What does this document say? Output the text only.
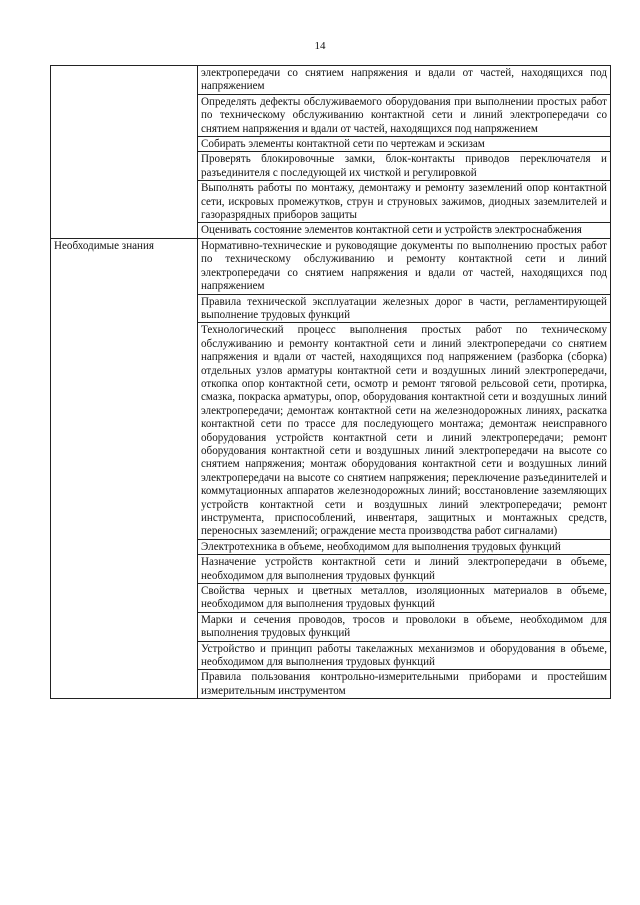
14
	электропередачи со снятием напряжения и вдали от частей, находящихся под напряжением
	Определять дефекты обслуживаемого оборудования при выполнении простых работ по техническому обслуживанию контактной сети и линий электропередачи со снятием напряжения и вдали от частей, находящихся под напряжением
	Собирать элементы контактной сети по чертежам и эскизам
	Проверять блокировочные замки, блок-контакты приводов переключателя и разъединителя с последующей их чисткой и регулировкой
	Выполнять работы по монтажу, демонтажу и ремонту заземлений опор контактной сети, искровых промежутков, струн и струновых зажимов, диодных заземлителей и газоразрядных приборов защиты
	Оценивать состояние элементов контактной сети и устройств электроснабжения
Необходимые знания	Нормативно-технические и руководящие документы по выполнению простых работ по техническому обслуживанию и ремонту контактной сети и линий электропередачи со снятием напряжения и вдали от частей, находящихся под напряжением
	Правила технической эксплуатации железных дорог в части, регламентирующей выполнение трудовых функций
	Технологический процесс выполнения простых работ по техническому обслуживанию и ремонту контактной сети и линий электропередачи со снятием напряжения и вдали от частей, находящихся под напряжением (разборка (сборка) отдельных узлов арматуры контактной сети и воздушных линий электропередачи, откопка опор контактной сети, осмотр и ремонт тяговой рельсовой сети, протирка, смазка, покраска арматуры, опор, оборудования контактной сети и воздушных линий электропередачи; демонтаж контактной сети на железнодорожных линиях, раскатка контактной сети по трассе для последующего монтажа; демонтаж неисправного оборудования устройств контактной сети и линий электропередачи; ремонт оборудования контактной сети и воздушных линий электропередачи на высоте со снятием напряжения; монтаж оборудования контактной сети и воздушных линий электропередачи на высоте со снятием напряжения; переключение разъединителей и коммутационных аппаратов железнодорожных линий; восстановление заземляющих устройств контактной сети и воздушных линий электропередачи; ремонт инструмента, приспособлений, инвентаря, защитных и монтажных средств, переносных заземлений; ограждение места производства работ сигналами)
	Электротехника в объеме, необходимом для выполнения трудовых функций
	Назначение устройств контактной сети и линий электропередачи в объеме, необходимом для выполнения трудовых функций
	Свойства черных и цветных металлов, изоляционных материалов в объеме, необходимом для выполнения трудовых функций
	Марки и сечения проводов, тросов и проволоки в объеме, необходимом для выполнения трудовых функций
	Устройство и принцип работы такелажных механизмов и оборудования в объеме, необходимом для выполнения трудовых функций
	Правила пользования контрольно-измерительными приборами и простейшим измерительным инструментом
